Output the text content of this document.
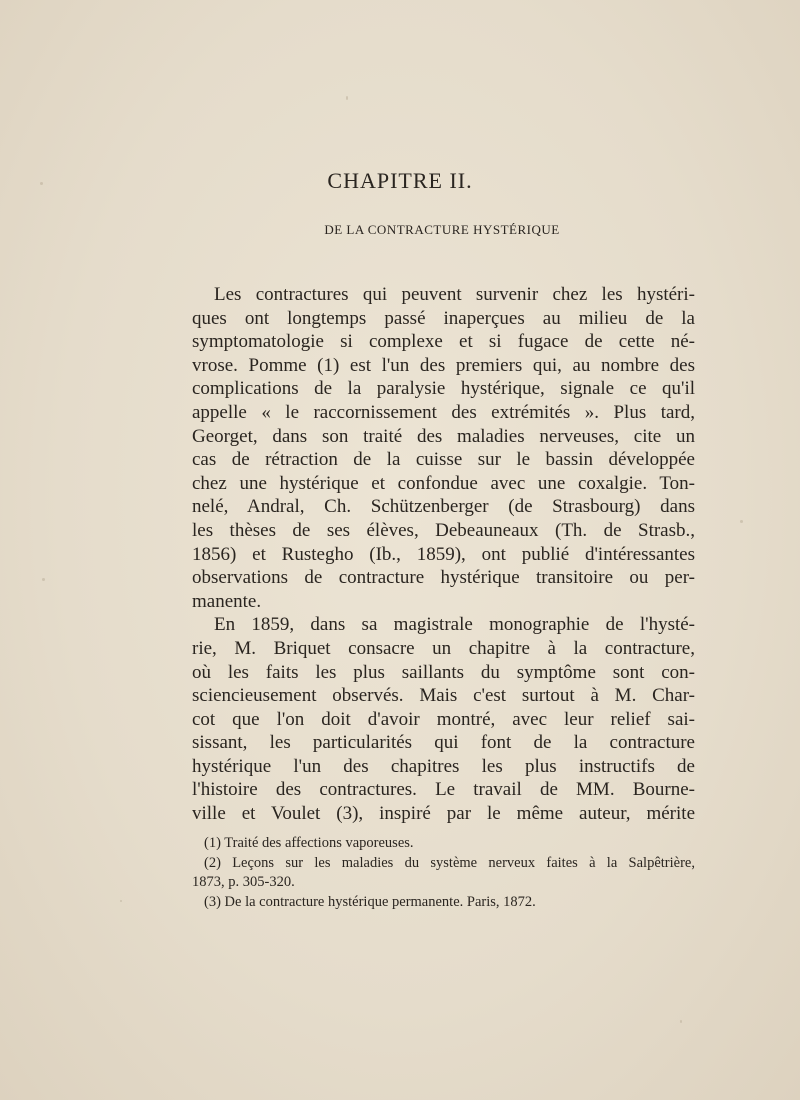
CHAPITRE II.
DE LA CONTRACTURE HYSTÉRIQUE
Les contractures qui peuvent survenir chez les hystéri-
ques ont longtemps passé inaperçues au milieu de la
symptomatologie si complexe et si fugace de cette né-
vrose. Pomme (1) est l'un des premiers qui, au nombre des
complications de la paralysie hystérique, signale ce qu'il
appelle « le raccornissement des extrémités ». Plus tard,
Georget, dans son traité des maladies nerveuses, cite un
cas de rétraction de la cuisse sur le bassin développée
chez une hystérique et confondue avec une coxalgie. Ton-
nelé, Andral, Ch. Schützenberger (de Strasbourg) dans
les thèses de ses élèves, Debeauneaux (Th. de Strasb.,
1856) et Rustegho (Ib., 1859), ont publié d'intéressantes
observations de contracture hystérique transitoire ou per-
manente.
En 1859, dans sa magistrale monographie de l'hysté-
rie, M. Briquet consacre un chapitre à la contracture,
où les faits les plus saillants du symptôme sont con-
sciencieusement observés. Mais c'est surtout à M. Char-
cot que l'on doit d'avoir montré, avec leur relief sai-
sissant, les particularités qui font de la contracture
hystérique l'un des chapitres les plus instructifs de
l'histoire des contractures. Le travail de MM. Bourne-
ville et Voulet (3), inspiré par le même auteur, mérite
(1) Traité des affections vaporeuses.
(2) Leçons sur les maladies du système nerveux faites à la Salpêtrière,
1873, p. 305-320.
(3) De la contracture hystérique permanente. Paris, 1872.
